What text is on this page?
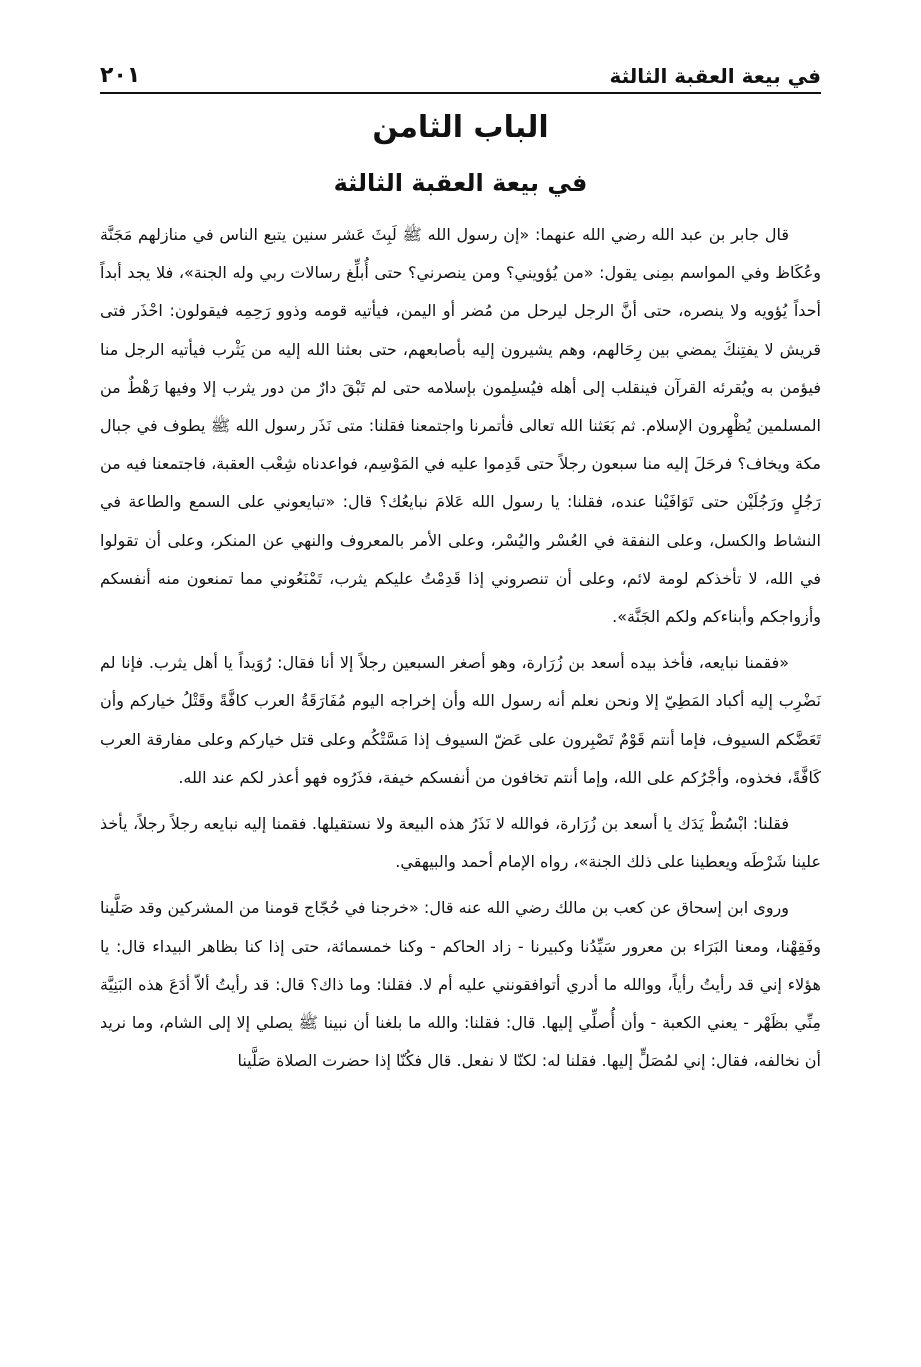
في بيعة العقبة الثالثة
٢٠١
الباب الثامن
في بيعة العقبة الثالثة

قال جابر بن عبد الله رضي الله عنهما: «إن رسول الله ﷺ لَبِثَ عَشر سنين يتبع الناس في منازلهم مَجَنَّة وعُكَاظ وفي المواسم بمِنى يقول: «من يُؤويني؟ ومن ينصرني؟ حتى أُبلِّغ رسالات ربي وله الجنة»، فلا يجد أبداً أحداً يُؤويه ولا ينصره، حتى أنَّ الرجل ليرحل من مُضر أو اليمن، فيأتيه قومه وذوو رَحِمِه فيقولون: احْذَر فتى قريش لا يفتِنكَ يمضي بين رِحَالهم، وهم يشيرون إليه بأصابعهم، حتى بعثنا الله إليه من يَثْرب فيأتيه الرجل منا فيؤمن به ويُقرئه القرآن فينقلب إلى أهله فيُسلِمون بإسلامه حتى لم تَبْقَ دارٌ من دور يثرب إلا وفيها رَهْطٌ من المسلمين يُظْهِرون الإسلام. ثم بَعَثنا الله تعالى فأتمرنا واجتمعنا فقلنا: متى نَذَر رسول الله ﷺ يطوف في جبال مكة ويخاف؟ فرحَلَ إليه منا سبعون رجلاً حتى قَدِموا عليه في المَوْسِم، فواعدناه شِعْب العقبة، فاجتمعنا فيه من رَجُلٍ ورَجُلَيْن حتى تَوَافَيْنا عنده، فقلنا: يا رسول الله عَلامَ نبايعُك؟ قال: «تبايعوني على السمع والطاعة في النشاط والكسل، وعلى النفقة في العُسْر واليُسْر، وعلى الأمر بالمعروف والنهي عن المنكر، وعلى أن تقولوا في الله، لا تأخذكم لومة لائم، وعلى أن تنصروني إذا قَدِمْتُ عليكم يثرب، تَمْنَعُوني مما تمنعون منه أنفسكم وأزواجكم وأبناءكم ولكم الجَنَّة».

«فقمنا نبايعه، فأخذ بيده أسعد بن زُرَارة، وهو أصغر السبعين رجلاً إلا أنا فقال: رُوَيداً يا أهل يثرب. فإنا لم نَضْرِب إليه أكباد المَطِيّ إلا ونحن نعلم أنه رسول الله وأن إخراجه اليوم مُفَارَقَةُ العرب كافَّةً وقَتْلُ خياركم وأن تَعَضَّكم السيوف، فإما أنتم قَوْمٌ تَصْبِرون على عَضّ السيوف إذا مَسَّتْكُم وعلى قتل خياركم وعلى مفارقة العرب كَافَّةً، فخذوه، وأجْرُكم على الله، وإما أنتم تخافون من أنفسكم خيفة، فذَرُوه فهو أعذر لكم عند الله.

فقلنا: ابْسُطْ يَدَك يا أسعد بن زُرَارة، فوالله لا نَذَرُ هذه البيعة ولا نستقيلها. فقمنا إليه نبايعه رجلاً رجلاً، يأخذ علينا شَرْطَه ويعطينا على ذلك الجنة»، رواه الإمام أحمد والبيهقي.

وروى ابن إسحاق عن كعب بن مالك رضي الله عنه قال: «خرجنا في حُجّاج قومنا من المشركين وقد صَلَّينا وفَقِهْنا، ومعنا البَرَاء بن معرور سَيِّدُنا وكبيرنا - زاد الحاكم - وكنا خمسمائة، حتى إذا كنا بظاهر البيداء قال: يا هؤلاء إني قد رأيتُ رأياً، ووالله ما أدري أتوافقونني عليه أم لا. فقلنا: وما ذاك؟ قال: قد رأيتُ ألاّ أدَعَ هذه البَنِيَّة مِنِّي بظَهْر - يعني الكعبة - وأن أُصلِّي إليها. قال: فقلنا: والله ما بلغنا أن نبينا ﷺ يصلي إلا إلى الشام، وما نريد أن نخالفه، فقال: إني لمُصَلٍّ إليها. فقلنا له: لكنّا لا نفعل. قال فكُنّا إذا حضرت الصلاة صَلَّينا
